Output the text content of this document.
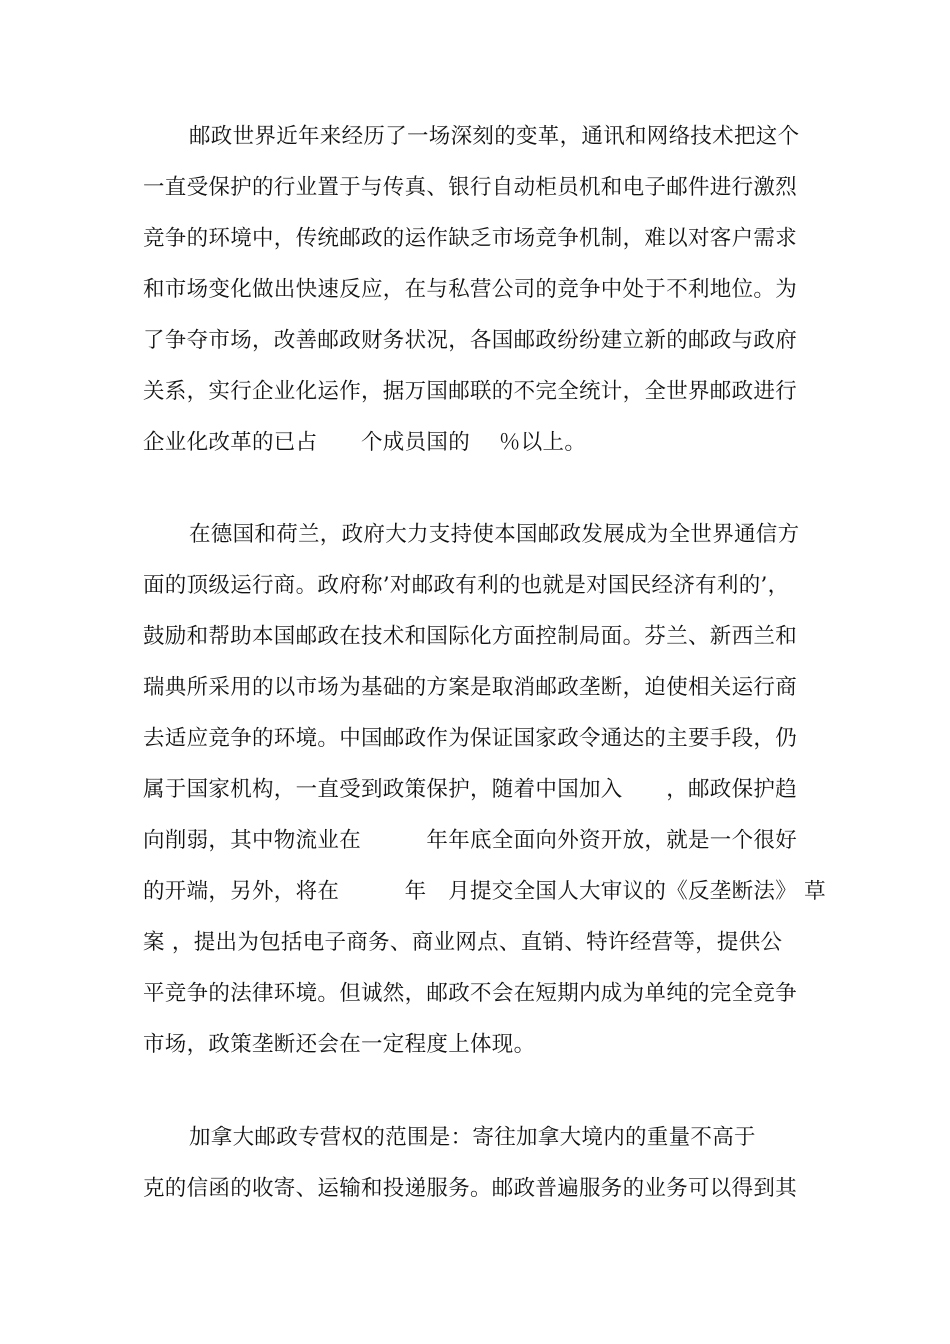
邮政世界近年来经历了一场深刻的变革，通讯和网络技术把这个
一直受保护的行业置于与传真、银行自动柜员机和电子邮件进行激烈
竞争的环境中，传统邮政的运作缺乏市场竞争机制，难以对客户需求
和市场变化做出快速反应，在与私营公司的竞争中处于不利地位。为
了争夺市场，改善邮政财务状况，各国邮政纷纷建立新的邮政与政府
关系，实行企业化运作，据万国邮联的不完全统计，全世界邮政进行
企业化改革的已占　　个成员国的　 ％以上。
在德国和荷兰，政府大力支持使本国邮政发展成为全世界通信方
面的顶级运行商。政府称’对邮政有利的也就是对国民经济有利的’，
鼓励和帮助本国邮政在技术和国际化方面控制局面。芬兰、新西兰和
瑞典所采用的以市场为基础的方案是取消邮政垄断，迫使相关运行商
去适应竞争的环境。中国邮政作为保证国家政令通达的主要手段，仍
属于国家机构，一直受到政策保护，随着中国加入　　，邮政保护趋
向削弱，其中物流业在　　　年年底全面向外资开放，就是一个很好
的开端，另外，将在　　　年　月提交全国人大审议的《反垄断法》 草
案 ，提出为包括电子商务、商业网点、直销、特许经营等，提供公
平竞争的法律环境。但诚然，邮政不会在短期内成为单纯的完全竞争
市场，政策垄断还会在一定程度上体现。
加拿大邮政专营权的范围是：寄往加拿大境内的重量不高于
克的信函的收寄、运输和投递服务。邮政普遍服务的业务可以得到其
